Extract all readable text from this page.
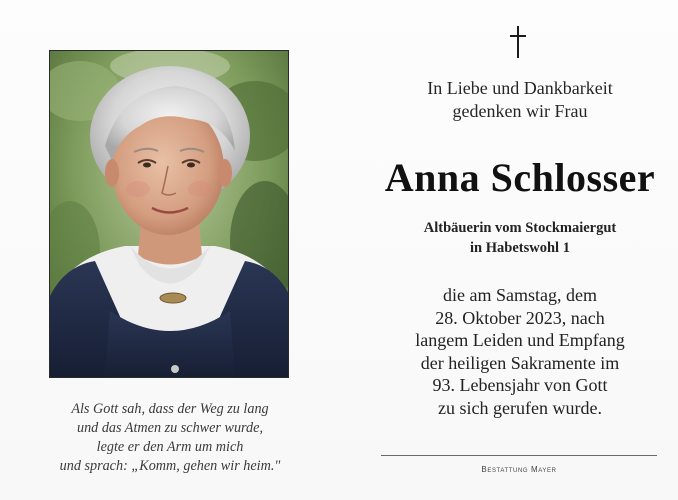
Als Gott sah, dass der Weg zu lang
und das Atmen zu schwer wurde,
legte er den Arm um mich
und sprach: „Komm, gehen wir heim."
In Liebe und Dankbarkeit
gedenken wir Frau
Anna Schlosser
Altbäuerin vom Stockmaiergut
in Habetswohl 1
die am Samstag, dem
28. Oktober 2023, nach
langem Leiden und Empfang
der heiligen Sakramente im
93. Lebensjahr von Gott
zu sich gerufen wurde.
Bestattung Mayer
